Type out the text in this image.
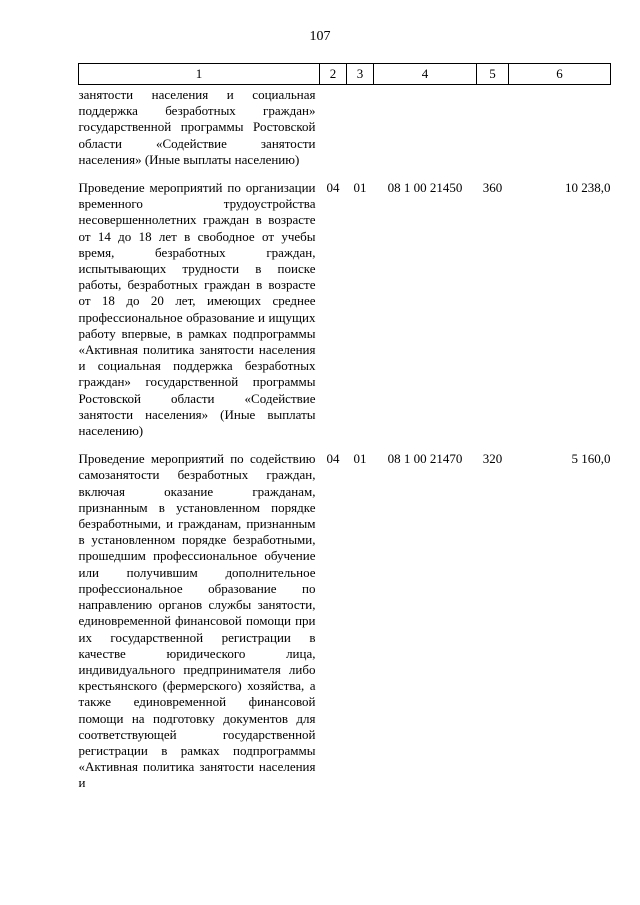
107
1	2	3	4	5	6
занятости населения и социальная поддержка безработных граждан» государственной программы Ростовской области «Содействие занятости населения» (Иные выплаты населению)					
Проведение мероприятий по организации временного трудоустройства несовершеннолетних граждан в возрасте от 14 до 18 лет в свободное от учебы время, безработных граждан, испытывающих трудности в поиске работы, безработных граждан в возрасте от 18 до 20 лет, имеющих среднее профессиональное образование и ищущих работу впервые, в рамках подпрограммы «Активная политика занятости населения и социальная поддержка безработных граждан» государственной программы Ростовской области «Содействие занятости населения» (Иные выплаты населению)	04	01	08 1 00 21450	360	10 238,0
Проведение мероприятий по содействию самозанятости безработных граждан, включая оказание гражданам, признанным в установленном порядке безработными, и гражданам, признанным в установленном порядке безработными, прошедшим профессиональное обучение или получившим дополнительное профессиональное образование по направлению органов службы занятости, единовременной финансовой помощи при их государственной регистрации в качестве юридического лица, индивидуального предпринимателя либо крестьянского (фермерского) хозяйства, а также единовременной финансовой помощи на подготовку документов для соответствующей государственной регистрации в рамках подпрограммы «Активная политика занятости населения и	04	01	08 1 00 21470	320	5 160,0
